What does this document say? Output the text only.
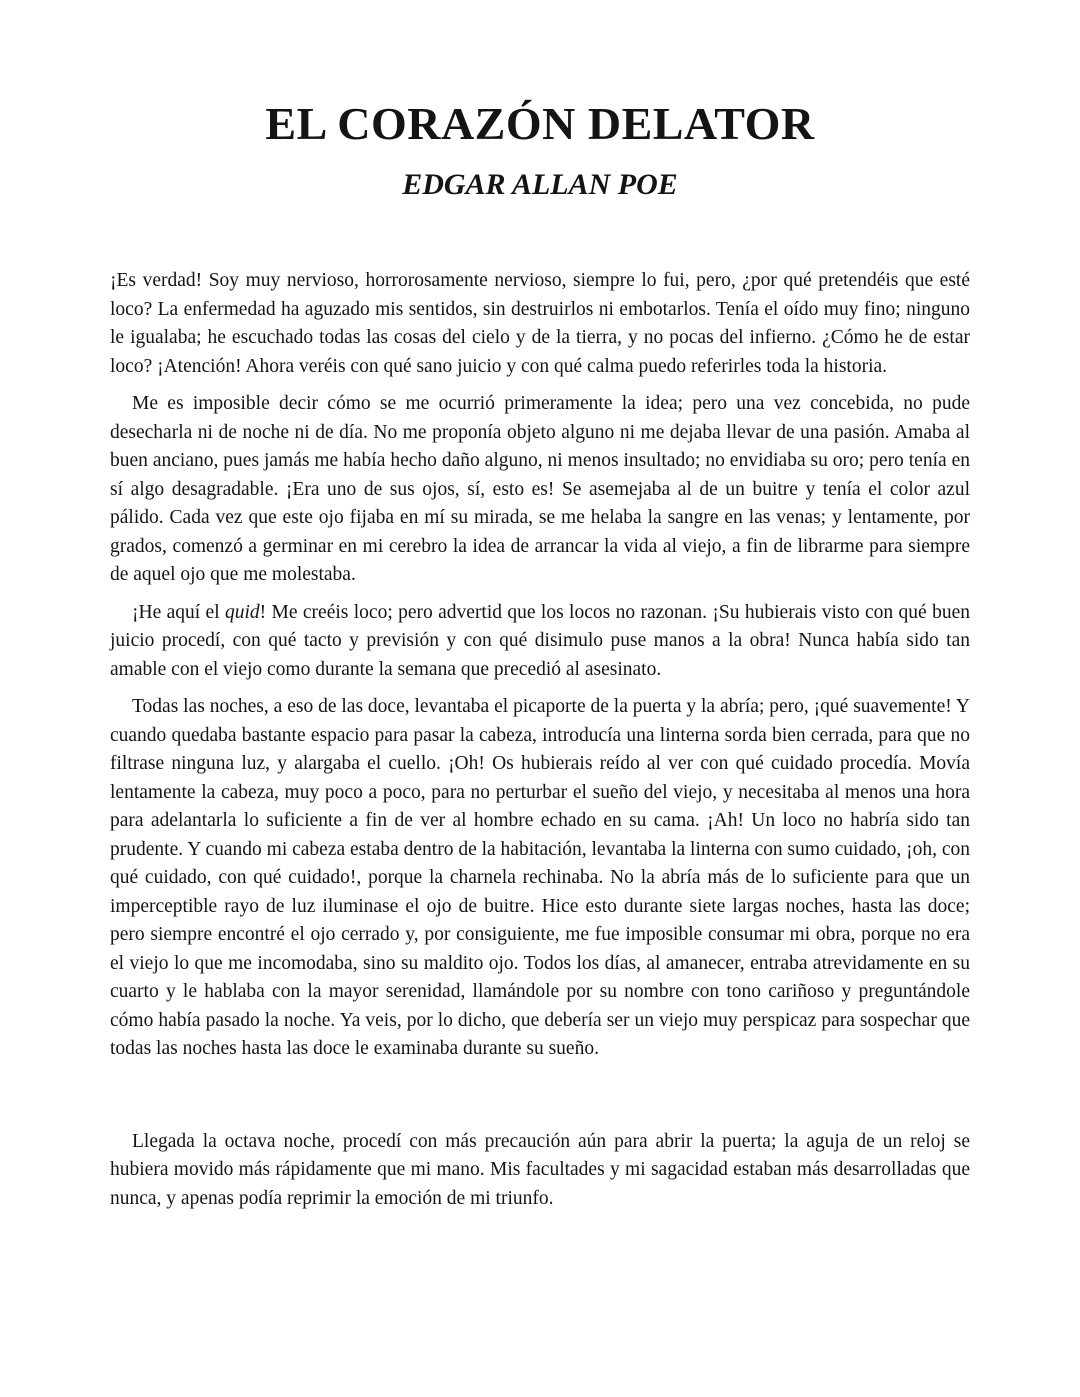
EL CORAZÓN DELATOR
EDGAR ALLAN POE

¡Es verdad! Soy muy nervioso, horrorosamente nervioso, siempre lo fui, pero, ¿por qué pretendéis que esté loco? La enfermedad ha aguzado mis sentidos, sin destruirlos ni embotarlos. Tenía el oído muy fino; ninguno le igualaba; he escuchado todas las cosas del cielo y de la tierra, y no pocas del infierno. ¿Cómo he de estar loco? ¡Atención! Ahora veréis con qué sano juicio y con qué calma puedo referirles toda la historia.

Me es imposible decir cómo se me ocurrió primeramente la idea; pero una vez concebida, no pude desecharla ni de noche ni de día. No me proponía objeto alguno ni me dejaba llevar de una pasión. Amaba al buen anciano, pues jamás me había hecho daño alguno, ni menos insultado; no envidiaba su oro; pero tenía en sí algo desagradable. ¡Era uno de sus ojos, sí, esto es! Se asemejaba al de un buitre y tenía el color azul pálido. Cada vez que este ojo fijaba en mí su mirada, se me helaba la sangre en las venas; y lentamente, por grados, comenzó a germinar en mi cerebro la idea de arrancar la vida al viejo, a fin de librarme para siempre de aquel ojo que me molestaba.

¡He aquí el quid! Me creéis loco; pero advertid que los locos no razonan. ¡Su hubierais visto con qué buen juicio procedí, con qué tacto y previsión y con qué disimulo puse manos a la obra! Nunca había sido tan amable con el viejo como durante la semana que precedió al asesinato.

Todas las noches, a eso de las doce, levantaba el picaporte de la puerta y la abría; pero, ¡qué suavemente! Y cuando quedaba bastante espacio para pasar la cabeza, introducía una linterna sorda bien cerrada, para que no filtrase ninguna luz, y alargaba el cuello. ¡Oh! Os hubierais reído al ver con qué cuidado procedía. Movía lentamente la cabeza, muy poco a poco, para no perturbar el sueño del viejo, y necesitaba al menos una hora para adelantarla lo suficiente a fin de ver al hombre echado en su cama. ¡Ah! Un loco no habría sido tan prudente. Y cuando mi cabeza estaba dentro de la habitación, levantaba la linterna con sumo cuidado, ¡oh, con qué cuidado, con qué cuidado!, porque la charnela rechinaba. No la abría más de lo suficiente para que un imperceptible rayo de luz iluminase el ojo de buitre. Hice esto durante siete largas noches, hasta las doce; pero siempre encontré el ojo cerrado y, por consiguiente, me fue imposible consumar mi obra, porque no era el viejo lo que me incomodaba, sino su maldito ojo. Todos los días, al amanecer, entraba atrevidamente en su cuarto y le hablaba con la mayor serenidad, llamándole por su nombre con tono cariñoso y preguntándole cómo había pasado la noche. Ya veis, por lo dicho, que debería ser un viejo muy perspicaz para sospechar que todas las noches hasta las doce le examinaba durante su sueño.

Llegada la octava noche, procedí con más precaución aún para abrir la puerta; la aguja de un reloj se hubiera movido más rápidamente que mi mano. Mis facultades y mi sagacidad estaban más desarrolladas que nunca, y apenas podía reprimir la emoción de mi triunfo.
